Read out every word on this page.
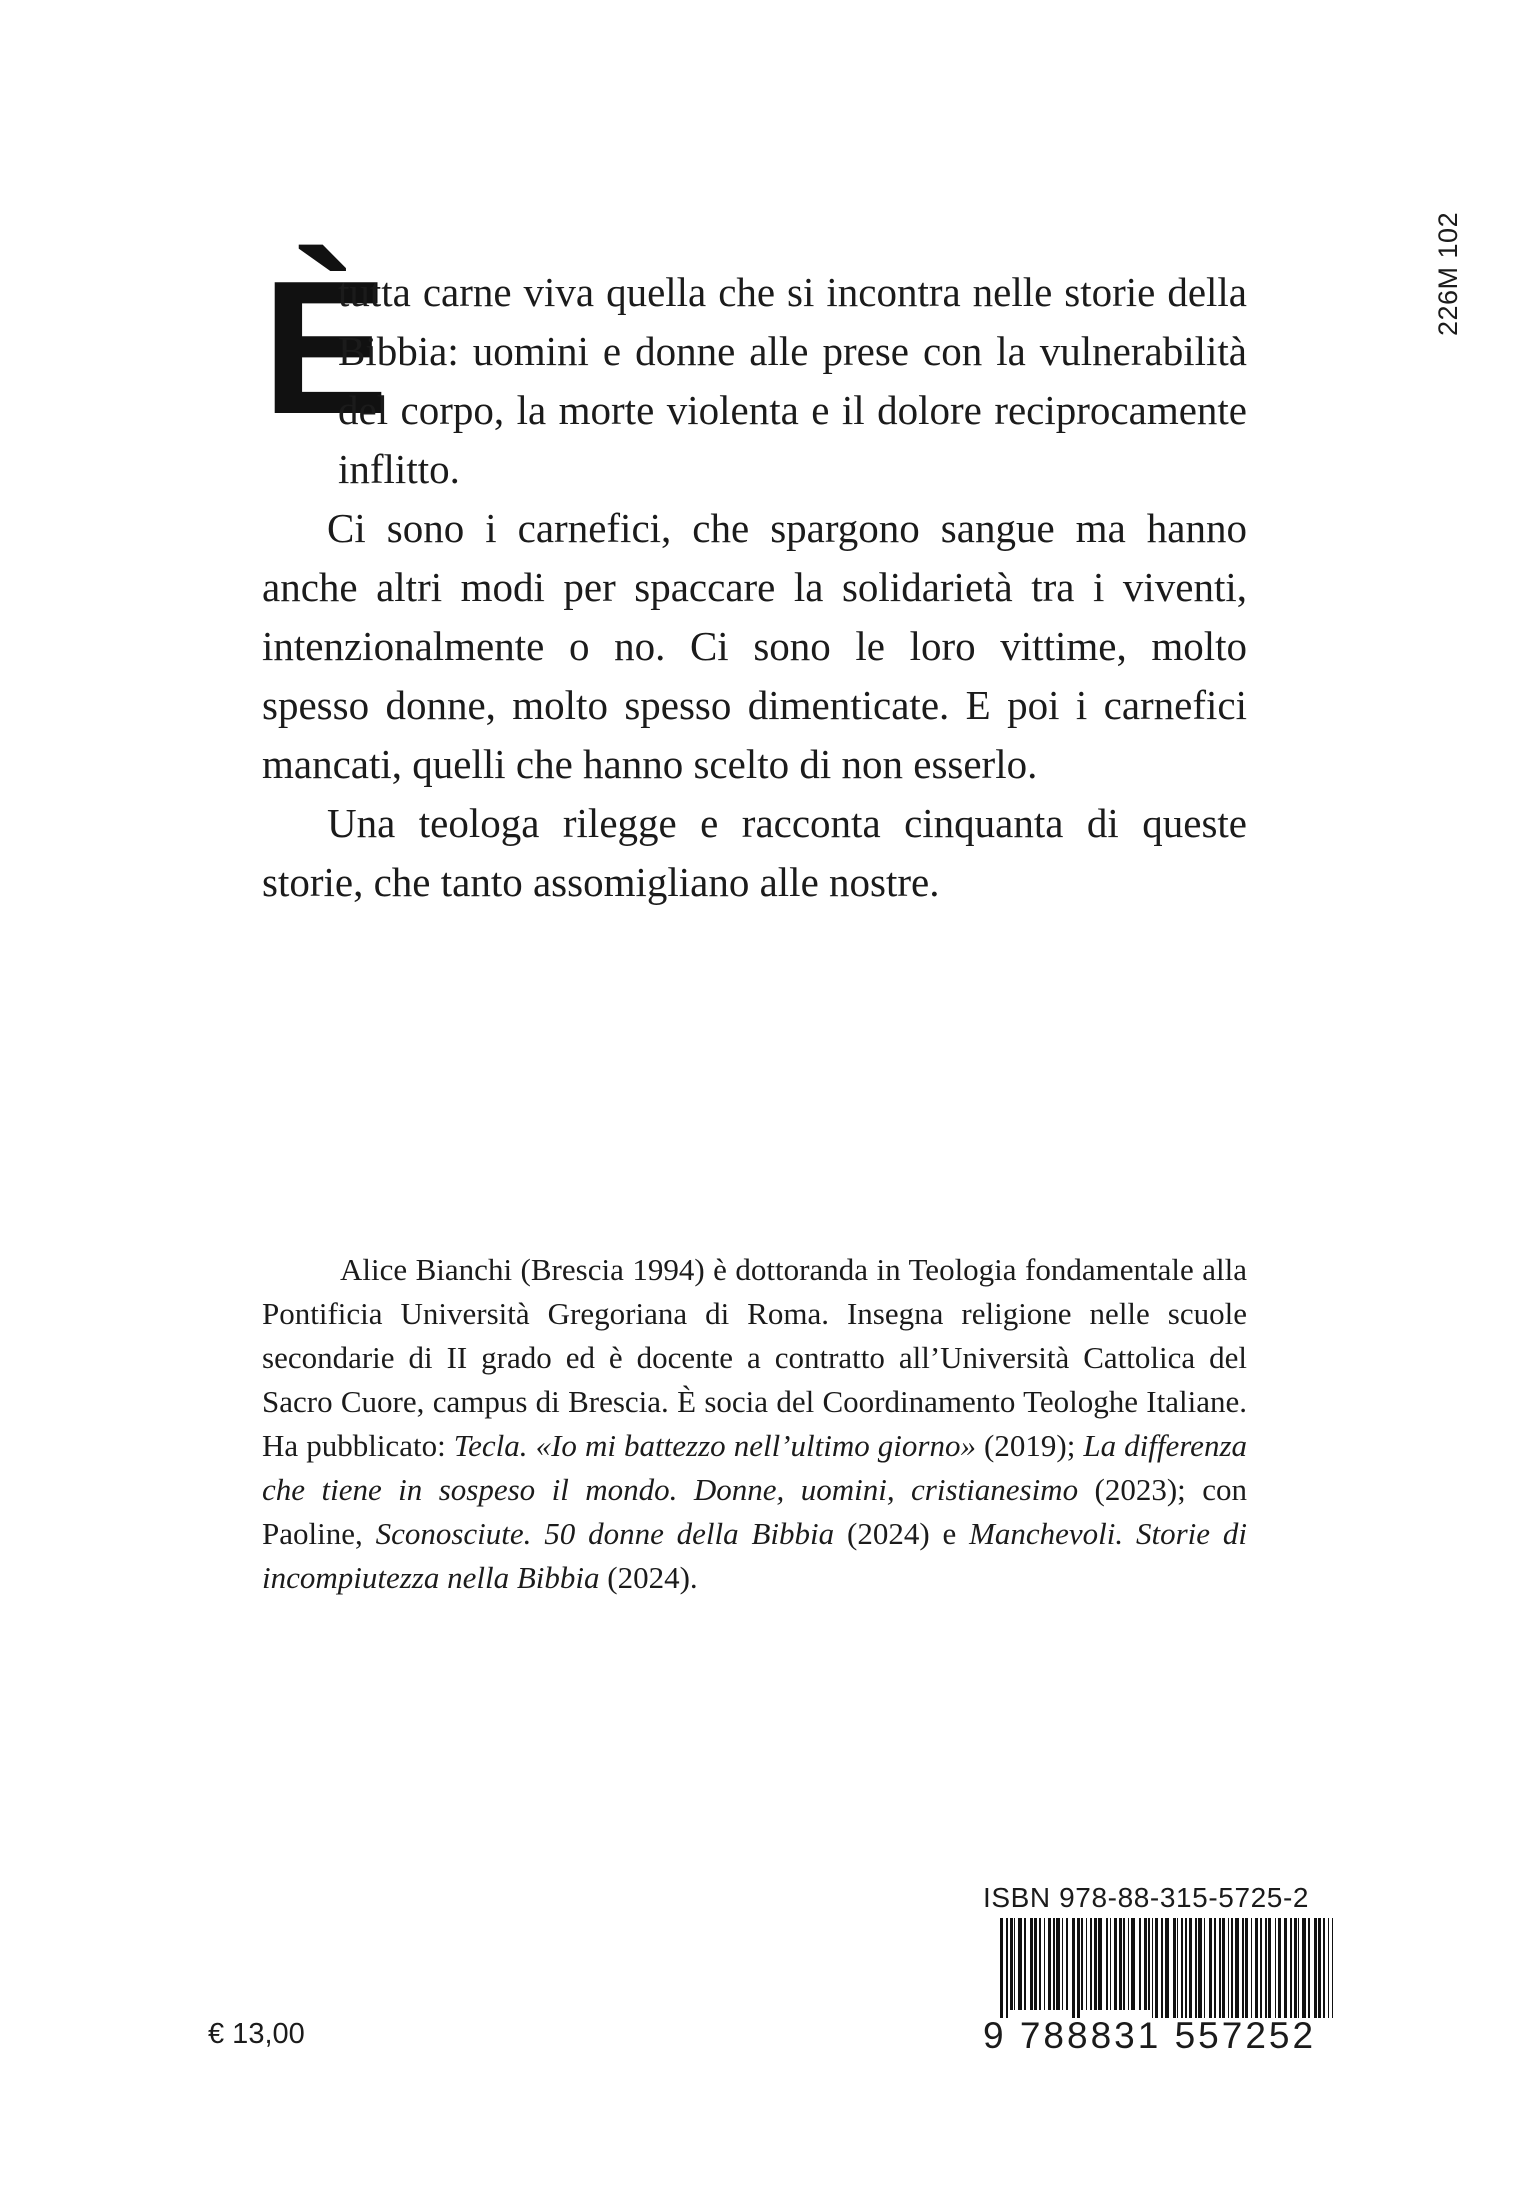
226M 102

È
tutta carne viva quella che si incontra nelle storie della Bibbia: uomini e donne alle prese con la vulnerabilità del corpo, la morte violenta e il dolore reciprocamente inflitto.

Ci sono i carnefici, che spargono sangue ma hanno anche altri modi per spaccare la solidarietà tra i viventi, intenzionalmente o no. Ci sono le loro vittime, molto spesso donne, molto spesso dimenticate. E poi i carnefici mancati, quelli che hanno scelto di non esserlo.

Una teologa rilegge e racconta cinquanta di queste storie, che tanto assomigliano alle nostre.

Alice Bianchi (Brescia 1994) è dottoranda in Teologia fondamentale alla Pontificia Università Gregoriana di Roma. Insegna religione nelle scuole secondarie di II grado ed è docente a contratto all’Università Cattolica del Sacro Cuore, campus di Brescia. È socia del Coordinamento Teologhe Italiane. Ha pubblicato: Tecla. «Io mi battezzo nell’ultimo giorno» (2019); La differenza che tiene in sospeso il mondo. Donne, uomini, cristianesimo (2023); con Paoline, Sconosciute. 50 donne della Bibbia (2024) e Manchevoli. Storie di incompiutezza nella Bibbia (2024).
ISBN 978-88-315-5725-2
9 788831 557252
€ 13,00
